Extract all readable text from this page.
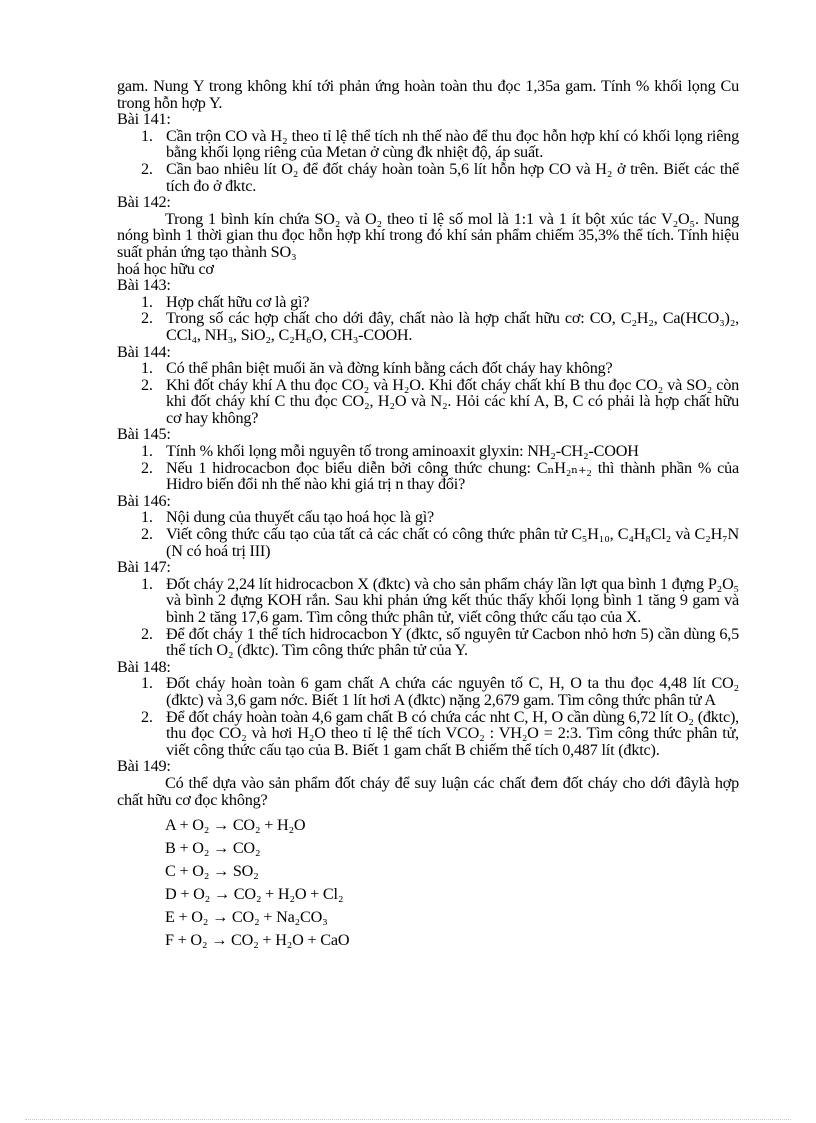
gam. Nung Y trong không khí tới phản ứng hoàn toàn thu đọc 1,35a gam. Tính % khối lọng Cu trong hỗn hợp Y.

Bài 141:
1. Cần trộn CO và H₂ theo tỉ lệ thể tích nh thế nào để thu đọc hỗn hợp khí có khối lọng riêng bằng khối lọng riêng của Metan ở cùng đk nhiệt độ, áp suất.
2. Cần bao nhiêu lít O₂ để đốt cháy hoàn toàn 5,6 lít hỗn hợp CO và H₂ ở trên. Biết các thể tích đo ở đktc.
Bài 142:

Trong 1 bình kín chứa SO₂ và O₂ theo tỉ lệ số mol là 1:1 và 1 ít bột xúc tác V₂O₅. Nung nóng bình 1 thời gian thu đọc hỗn hợp khí trong đó khí sản phẩm chiếm 35,3% thể tích. Tính hiệu suất phản ứng tạo thành SO₃

hoá học hữu cơ
Bài 143:
1. Hợp chất hữu cơ là gì?
2. Trong số các hợp chất cho dới đây, chất nào là hợp chất hữu cơ: CO, C₂H₂, Ca(HCO₃)₂, CCl₄, NH₃, SiO₂, C₂H₆O, CH₃-COOH.
Bài 144:
1. Có thể phân biệt muối ăn và đờng kính bằng cách đốt cháy hay không?
2. Khi đốt cháy khí A thu đọc CO₂ và H₂O. Khi đốt cháy chất khí B thu đọc CO₂ và SO₂ còn khi đốt cháy khí C thu đọc CO₂, H₂O và N₂. Hỏi các khí A, B, C có phải là hợp chất hữu cơ hay không?
Bài 145:
1. Tính % khối lọng mỗi nguyên tố trong aminoaxit glyxin: NH₂-CH₂-COOH
2. Nếu 1 hidrocacbon đọc biểu diễn bởi công thức chung: CₙH₂ₙ₊₂ thì thành phần % của Hidro biến đổi nh thế nào khi giá trị n thay đổi?
Bài 146:
1. Nội dung của thuyết cấu tạo hoá học là gì?
2. Viết công thức cấu tạo của tất cả các chất có công thức phân tử C₅H₁₀, C₄H₈Cl₂ và C₂H₇N (N có hoá trị III)
Bài 147:
1. Đốt cháy 2,24 lít hidrocacbon X (đktc) và cho sản phẩm cháy lần lợt qua bình 1 đựng P₂O₅ và bình 2 đựng KOH rắn. Sau khi phản ứng kết thúc thấy khối lọng bình 1 tăng 9 gam và bình 2 tăng 17,6 gam. Tìm công thức phân tử, viết công thức cấu tạo của X.
2. Để đốt cháy 1 thể tích hidrocacbon Y (đktc, số nguyên tử Cacbon nhỏ hơn 5) cần dùng 6,5 thể tích O₂ (đktc). Tìm công thức phân tử của Y.
Bài 148:
1. Đốt cháy hoàn toàn 6 gam chất A chứa các nguyên tố C, H, O ta thu đọc 4,48 lít CO₂ (đktc) và 3,6 gam nớc. Biết 1 lít hơi A (đktc) nặng 2,679 gam. Tìm công thức phân tử A
2. Để đốt cháy hoàn toàn 4,6 gam chất B có chứa các nht C, H, O cần dùng 6,72 lít O₂ (đktc), thu đọc CO₂ và hơi H₂O theo tỉ lệ thể tích VCO₂ : VH₂O = 2:3. Tìm công thức phân tử, viết công thức cấu tạo của B. Biết 1 gam chất B chiếm thể tích 0,487 lít (đktc).
Bài 149:

Có thể dựa vào sản phẩm đốt cháy để suy luận các chất đem đốt cháy cho dới đâylà hợp chất hữu cơ đọc không?

A + O₂ → CO₂ + H₂O
B + O₂ → CO₂
C + O₂ → SO₂
D + O₂ → CO₂ + H₂O + Cl₂
E + O₂ → CO₂ + Na₂CO₃
F + O₂ → CO₂ + H₂O + CaO
